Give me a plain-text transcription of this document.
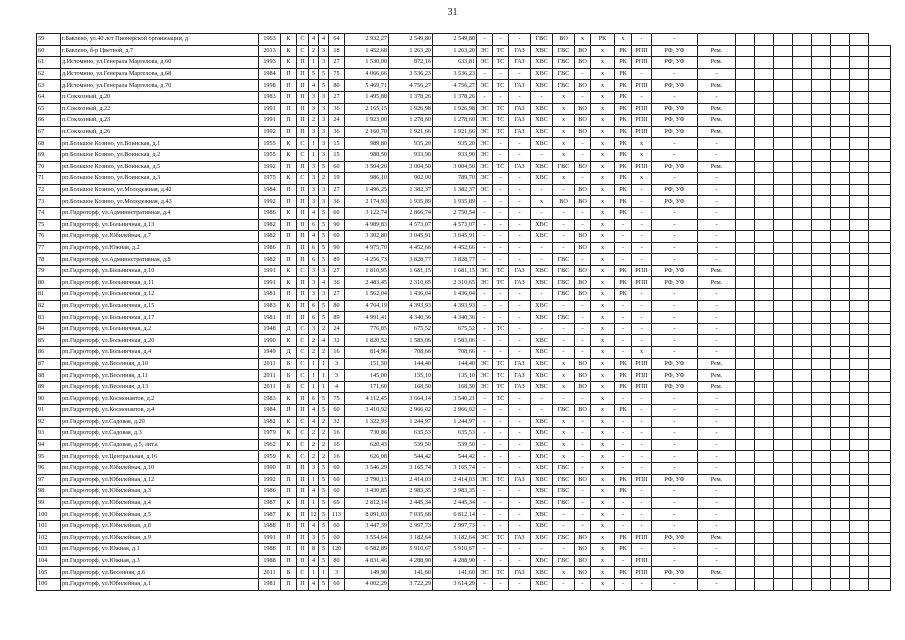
31
59	г.Бавлено, ул.40 лет Пионерской организации, д	1963	К	С	4	4	64	2 932,27	2 549,80	2 549,80	-	-	-	ГВС	ВО	х	РК	х	-	-									
60	г.Бавлено, б-р Цветной, д.7	2013	К	С	2	3	18	1 452,68	1 263,20	1 263,20	ЭС	ТС	ГАЗ	ХВС	ГВС	ВО	х	РК	РПП	РФ, УФ	Рем.								
61	д.Истомино, ул.Генерала Маргелова, д.60	1993	К	П	1	3	27	1 530,00	872,16	633,81	ЭС	ТС	ГАЗ	ХВС	ГВС	ВО	х	РК	РПП	РФ, УФ	Рем.								
62	д.Истомино, ул.Генерала Маргелова, д.68	1984	П	П	5	5	75	4 066,66	3 536,23	3 536,23	-	-	-	ХВС	ГВС	-	х	РК	-	-	-								
63	д.Истомино, ул.Генерала Маргелова, д.70	1998	П	П	4	5	80	5 469,71	4 756,27	4 756,27	ЭС	ТС	ГАЗ	ХВС	ГВС	ВО	х	РК	РПП	РФ, УФ	Рем.								
64	п.Сокхозный, д.20	1983	П	П	3	3	27	1 495,88	1 378,26	1 378,26	-	-	-	-	х	-	х	РК	-	-	-								
65	п.Сокхозный, д.22	1991	П	П	3	3	36	2 165,15	1 926,98	1 926,98	ЭС	ТС	ГАЗ	ХВС	х	ВО	х	РК	РПП	РФ, УФ	Рем.								
66	п.Сокхозный, д.23	1991	П	П	2	3	24	1 923,00	1 278,60	1 278,60	ЭС	ТС	ГАЗ	ХВС	х	ВО	х	РК	РПП	РФ, УФ	Рем.								
67	п.Сокхозный, д.26	1992	П	П	3	3	36	2 160,70	1 921,66	1 921,66	ЭС	ТС	ГАЗ	ХВС	х	ВО	х	РК	РПП	РФ, УФ	Рем.								
68	рп.Большое Козино, ул.Воинская, д.1	1955	К	С	1	3	15	989,80	935,20	935,20	ЭС	-	-	ХВС	х	-	х	РК	х	-	-								
69	рп.Большое Козино, ул.Воинская, д.2	1955	К	С	1	3	15	988,50	933,90	933,90	ЭС	-	-	-	х	-	х	РК	х	-	-								
70	рп.Большое Козино, ул.Воинская, д.5	1992	П	П	3	5	60	3 504,20	3 004,50	3 004,50	ЭС	ТС	ГАЗ	ХВС	ГВС	ВО	х	РК	РПП	РФ, УФ	Рем.								
71	рп.Большое Козино, ул.Воинская, д.3	1975	К	С	3	2	19	986,10	902,00	789,70	ЭС	-	-	ХВС	х	-	х	РК	х	-	-								
72	рп.Большое Козино, ул.Молодежная, д.42	1984	П	П	3	3	27	1 496,25	1 382,37	1 382,37	ЭС	-	-	-	-	ВО	х	РК	-	РФ, УФ	-								
73	рп.Большое Козино, ул.Молодежная, д.43	1992	П	П	3	3	36	2 174,93	1 935,89	1 935,89	-	-	-	х	ВО	ВО	х	РК	-	РФ, УФ	-								
74	рп.Гидроторф, ул.Административная, д.4	1986	К	П	4	5	60	3 122,74	2 866,74	2 750,54	-	-	-	-	-	-	х	РК	-	-	-								
75	рп.Гидроторф, ул.Больничная, д.13	1982	П	П	6	5	90	4 989,83	4 573,07	4 573,07	-	-	-	ХВС	-	-	х	-	-	-	-								
76	рп.Гидроторф, ул.Юбилейная, д.7	1982	П	П	4	5	60	3 302,80	3 045,91	3 045,91	-	-	-	ХВС	-	ВО	х	-	-	-	-								
77	рп.Гидроторф, ул.Южная, д.2	1986	П	П	6	5	90	4 975,70	4 452,66	4 452,66	-	-	-	-	-	ВО	х	-	-	-	-								
78	рп.Гидроторф, ул.Административная, д.8	1982	П	П	6	5	89	4 256,73	3 828,77	3 828,77	-	-	-	-	ГВС	-	х	-	-	-	-								
79	рп.Гидроторф, ул.Больничная, д.10	1991	К	С	3	3	27	1 810,95	1 681,15	1 681,15	ЭС	ТС	ГАЗ	ХВС	ГВС	ВО	х	РК	РПП	РФ, УФ	Рем.								
80	рп.Гидроторф, ул.Больничная, д.11	1991	К	П	3	4	36	2 483,45	2 310,65	2 310,65	ЭС	ТС	ГАЗ	ХВС	ГВС	ВО	х	РК	РПП	РФ, УФ	Рем.								
81	рп.Гидроторф, ул.Больничная, д.12	1981	П	П	3	3	27	1 562,04	1 436,04	1 436,04	-	-	-	-	ГВС	ВО	х	РК	-	-	-								
82	рп.Гидроторф, ул.Больничная, д.15	1983	К	П	6	5	80	4 764,19	4 393,93	4 393,93	-	-	-	ХВС	-	-	х	-	-	-	-								
83	рп.Гидроторф, ул.Больничная, д.17	1981	П	П	6	5	89	4 991,41	4 340,36	4 340,36	-	-	-	ХВС	ГВС	-	х	-	-	-	-								
84	рп.Гидроторф, ул.Больничная, д.2	1948	Д	С	3	2	24	776,85	675,52	675,52	-	ТС	-	-	-	-	х	-	-	-	-								
85	рп.Гидроторф, ул.Больничная, д.20	1990	К	С	2	4	32	1 820,52	1 583,06	1 583,06	-	-	-	ХВС	-	-	х	-	-	-	-								
86	рп.Гидроторф, ул.Больничная, д.4	1949	Д	С	2	2	16	814,96	708,66	708,66	-	-	-	ХВС	-	-	х	-	х	-	-								
87	рп.Гидроторф, ул.Весенняя, д.10	2011	Б	С	1	1	3	151,50	144,40	144,40	ЭС	ТС	ГАЗ	ХВС	х	ВО	х	РК	РПП	РФ, УФ	Рем.								
88	рп.Гидроторф, ул.Весенняя, д.11	2011	Б	С	1	1	3	145,00	135,10	135,10	ЭС	ТС	ГАЗ	ХВС	х	ВО	х	РК	РПП	РФ, УФ	Рем.								
89	рп.Гидроторф, ул.Весенняя, д.13	2011	Б	С	1	1	4	171,60	168,50	168,50	ЭС	ТС	ГАЗ	ХВС	х	ВО	х	РК	РПП	РФ, УФ	Рем.								
90	рп.Гидроторф, ул.Космонавтов, д.2	1983	К	П	6	5	75	4 112,45	3 664,14	3 540,21	-	ТС	-	-	-	-	х	-	-	-	-								
91	рп.Гидроторф, ул.Космонавтов, д.4	1984	П	П	4	5	60	3 410,92	2 966,02	2 966,02	-	-	-	-	ГВС	ВО	х	РК	-	-	-								
92	рп.Гидроторф, ул.Садовая, д.20	1982	К	С	4	2	32	1 322,93	1 244,97	1 244,97	-	-	-	ХВС	х	-	х	-	-	-	-								
93	рп.Гидроторф, ул.Садовая, д.3	1979	К	С	2	2	16	730,86	635,53	635,53	-	-	-	ХВС	х	-	х	-	-	-	-								
94	рп.Гидроторф, ул.Садовая, д.5, лит.а	1962	К	С	2	2	16	620,43	539,50	539,50	-	-	-	ХВС	х	-	х	-	-	-	-								
95	рп.Гидроторф, ул.Центральная, д.16	1959	К	С	2	2	16	626,08	544,42	544,42	-	-	-	ХВС	х	-	х	-	-	-	-								
96	рп.Гидроторф, ул.Юбилейная, д.10	1990	П	П	3	5	60	3 546,29	3 165,74	3 165,74	-	-	-	ХВС	ГВС	-	х	-	-	-	-								
97	рп.Гидроторф, ул.Юбилейная, д.12	1992	П	П	1	5	60	2 790,13	2 414,03	2 414,03	ЭС	ТС	ГАЗ	ХВС	ГВС	ВО	х	РК	РПП	РФ, УФ	Рем.								
98	рп.Гидроторф, ул.Юбилейная, д.3	1986	П	П	4	5	60	3 430,85	2 983,35	2 983,35	-	-	-	ХВС	ГВС	-	х	РК	-	-	-								
99	рп.Гидроторф, ул.Юбилейная, д.4	1987	К	П	1	5	69	2 812,14	2 445,34	2 445,34	-	-	-	ХВС	ГВС	-	х	-	-	-	-								
100	рп.Гидроторф, ул.Юбилейная, д.5	1987	К	П	12	5	113	8 091,03	7 035,68	6 812,14	-	-	-	ХВС	-	-	х	-	-	-	-								
101	рп.Гидроторф, ул.Юбилейная, д.8	1988	П	П	4	5	60	3 447,39	2 997,73	2 997,73	-	-	-	ХВС	-	-	х	-	-	-	-								
102	рп.Гидроторф, ул.Юбилейная, д.9	1991	П	П	3	5	60	3 554,64	3 182,64	3 182,64	ЭС	ТС	ГАЗ	ХВС	ГВС	ВО	х	РК	РПП	РФ, УФ	Рем.								
103	рп.Гидроторф, ул.Южная, д.1	1988	П	П	8	5	120	6 582,89	5 910,67	5 910,67	-	-	-	-	-	ВО	х	РК	-	-	-								
104	рп.Гидроторф, ул.Южная, д.3	1988	П	П	4	5	80	4 831,46	4 288,90	4 288,90	-	-	-	ХВС	ГВС	ВО	х	-	РПП	-	-								
105	рп.Гидроторф, ул.Весенняя, д.6	2011	Б	С	1	1	3	149,90	141,60	141,60	ЭС	ТС	ГАЗ	ХВС	х	ВО	х	РК	РПП	РФ, УФ	Рем.								
106	рп.Гидроторф, ул.Юбилейная, д.1	1981	П	П	4	5	60	4 002,29	3 722,29	3 614,29	-	-	-	ХВС	-	-	х	-	-	-	-								
